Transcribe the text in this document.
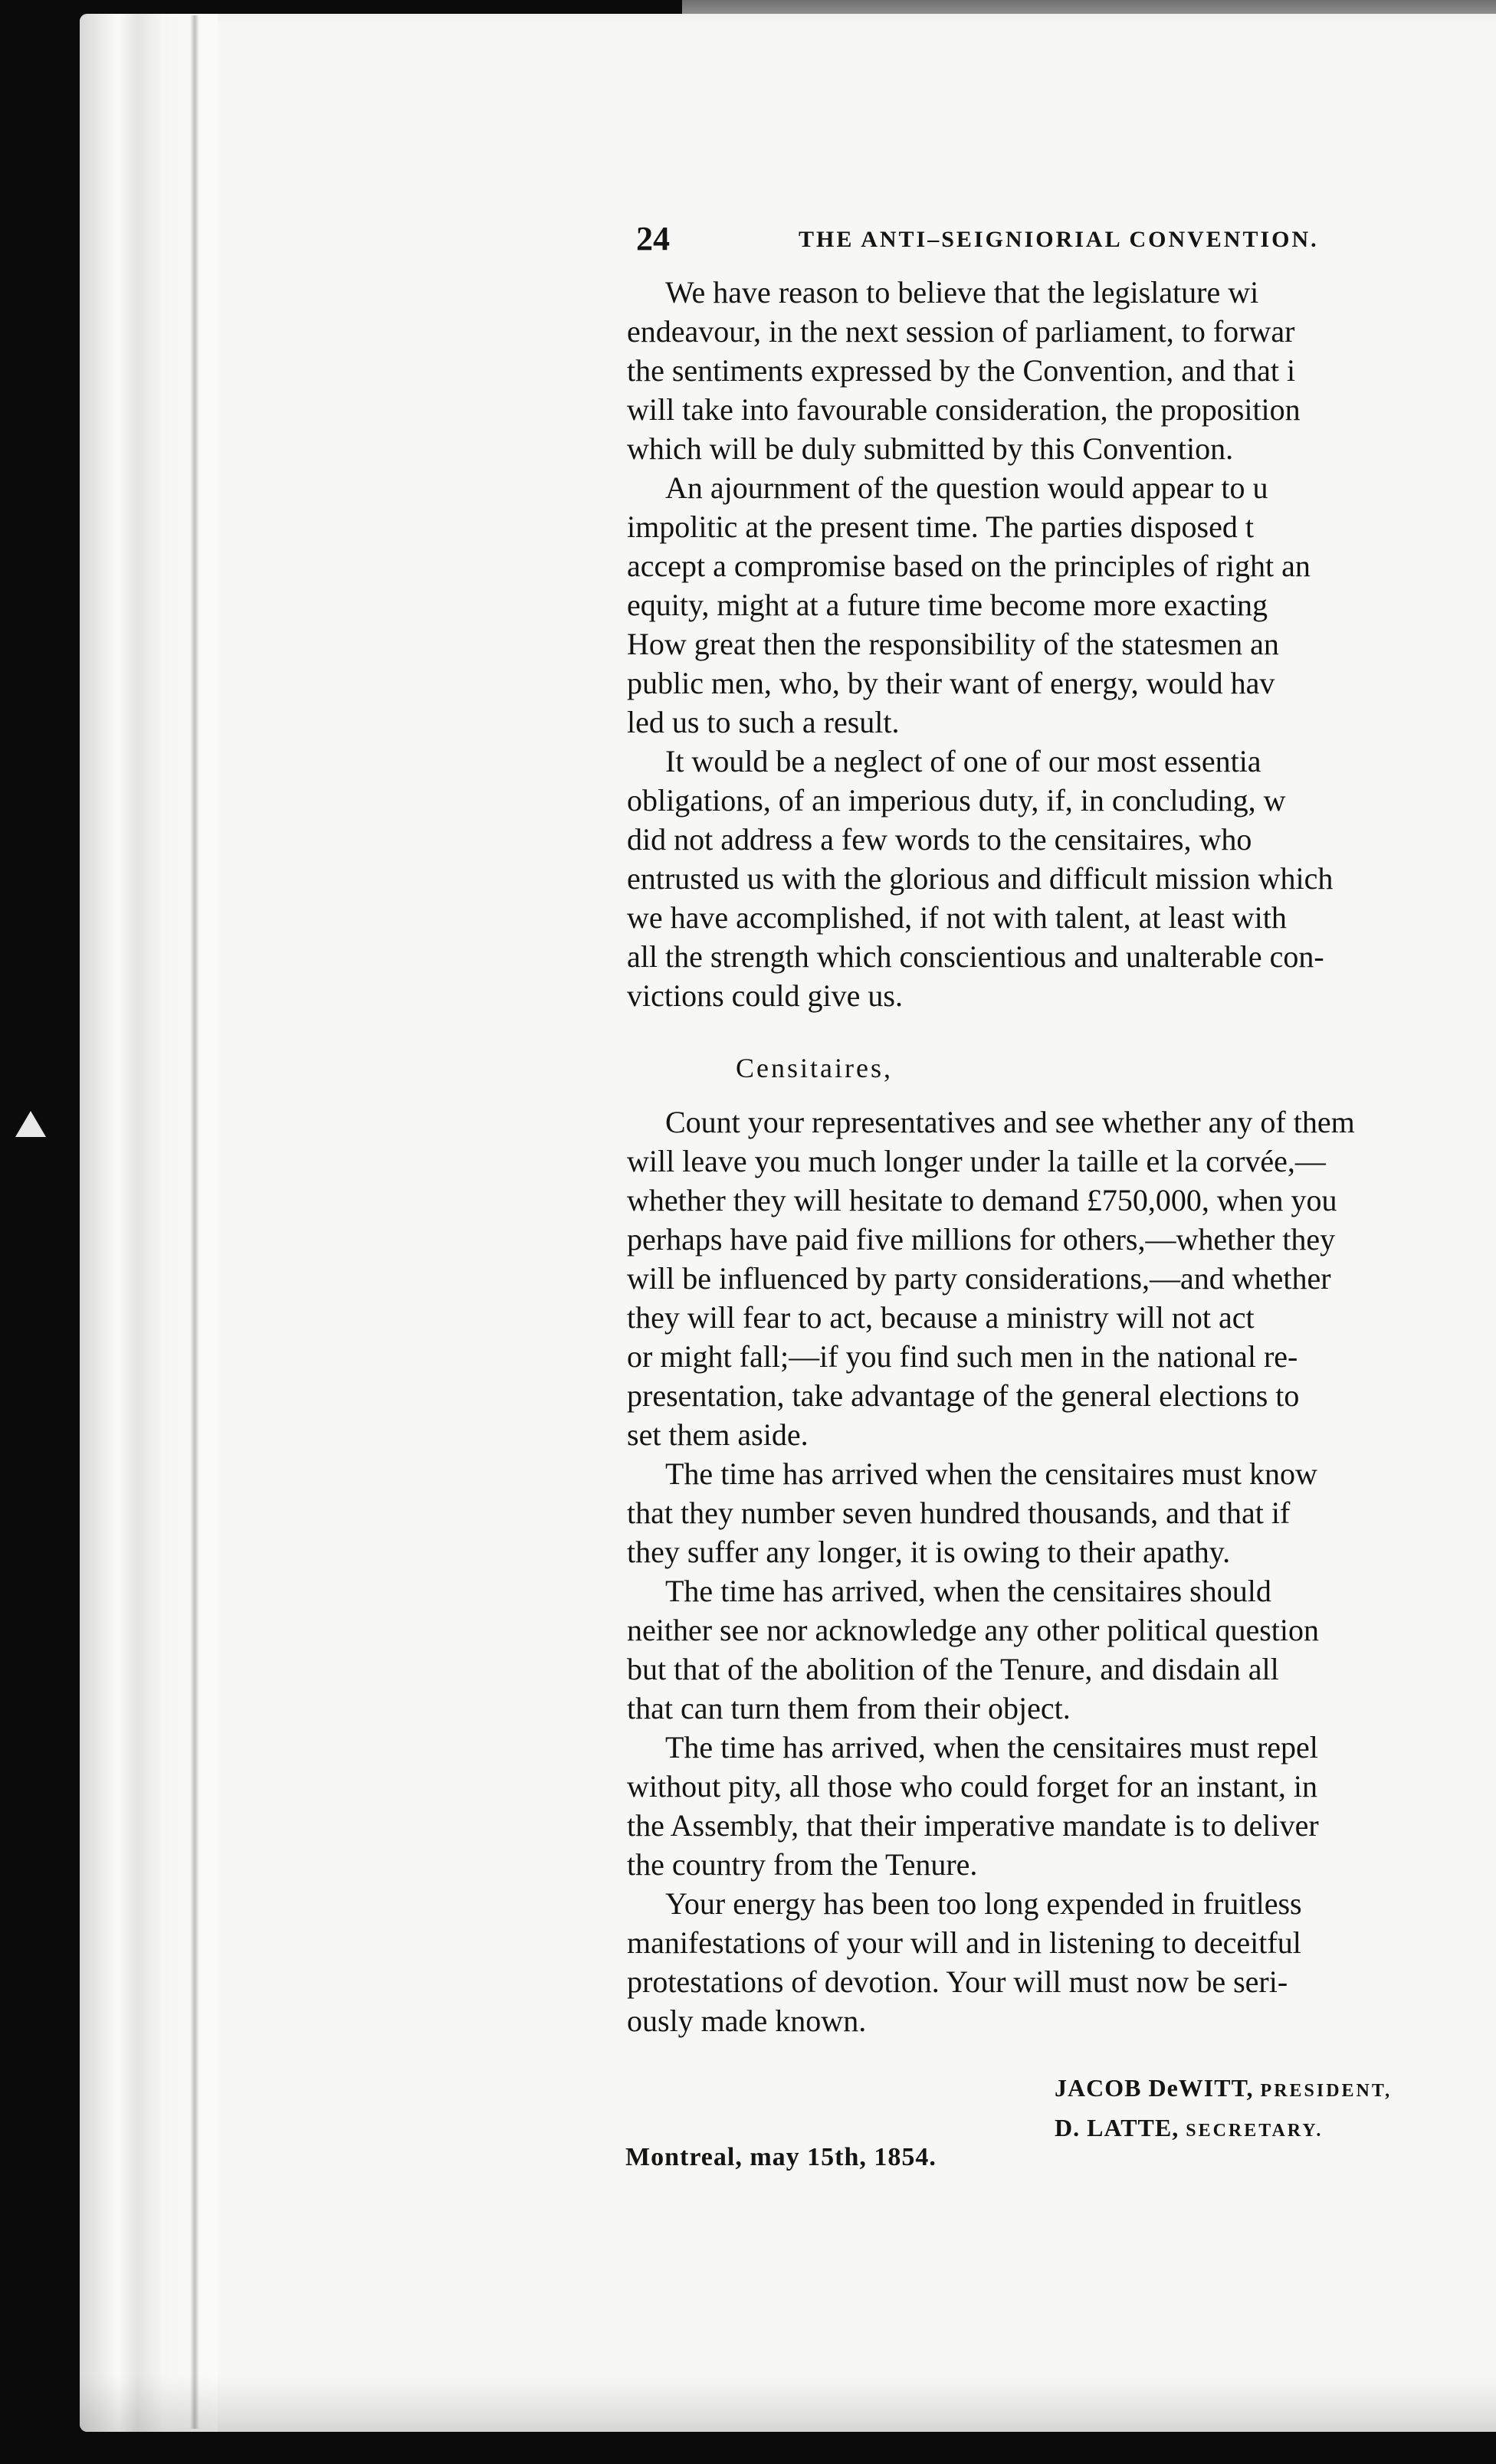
24	THE ANTI–SEIGNIORIAL CONVENTION.

We have reason to believe that the legislature wi
endeavour, in the next session of parliament, to forwar
the sentiments expressed by the Convention, and that i
will take into favourable consideration, the proposition
which will be duly submitted by this Convention.

An ajournment of the question would appear to u
impolitic at the present time. The parties disposed t
accept a compromise based on the principles of right an
equity, might at a future time become more exacting
How great then the responsibility of the statesmen an
public men, who, by their want of energy, would hav
led us to such a result.

It would be a neglect of one of our most essentia
obligations, of an imperious duty, if, in concluding, w
did not address a few words to the censitaires, who
entrusted us with the glorious and difficult mission which
we have accomplished, if not with talent, at least with
all the strength which conscientious and unalterable con-
victions could give us.

Censitaires,

Count your representatives and see whether any of them
will leave you much longer under la taille et la corvée,—
whether they will hesitate to demand £750,000, when you
perhaps have paid five millions for others,—whether they
will be influenced by party considerations,—and whether
they will fear to act, because a ministry will not act
or might fall;—if you find such men in the national re-
presentation, take advantage of the general elections to
set them aside.

The time has arrived when the censitaires must know
that they number seven hundred thousands, and that if
they suffer any longer, it is owing to their apathy.

The time has arrived, when the censitaires should
neither see nor acknowledge any other political question
but that of the abolition of the Tenure, and disdain all
that can turn them from their object.

The time has arrived, when the censitaires must repel
without pity, all those who could forget for an instant, in
the Assembly, that their imperative mandate is to deliver
the country from the Tenure.

Your energy has been too long expended in fruitless
manifestations of your will and in listening to deceitful
protestations of devotion. Your will must now be seri-
ously made known.

JACOB DeWITT, PRESIDENT,
D. LATTE, SECRETARY.
Montreal, may 15th, 1854.
